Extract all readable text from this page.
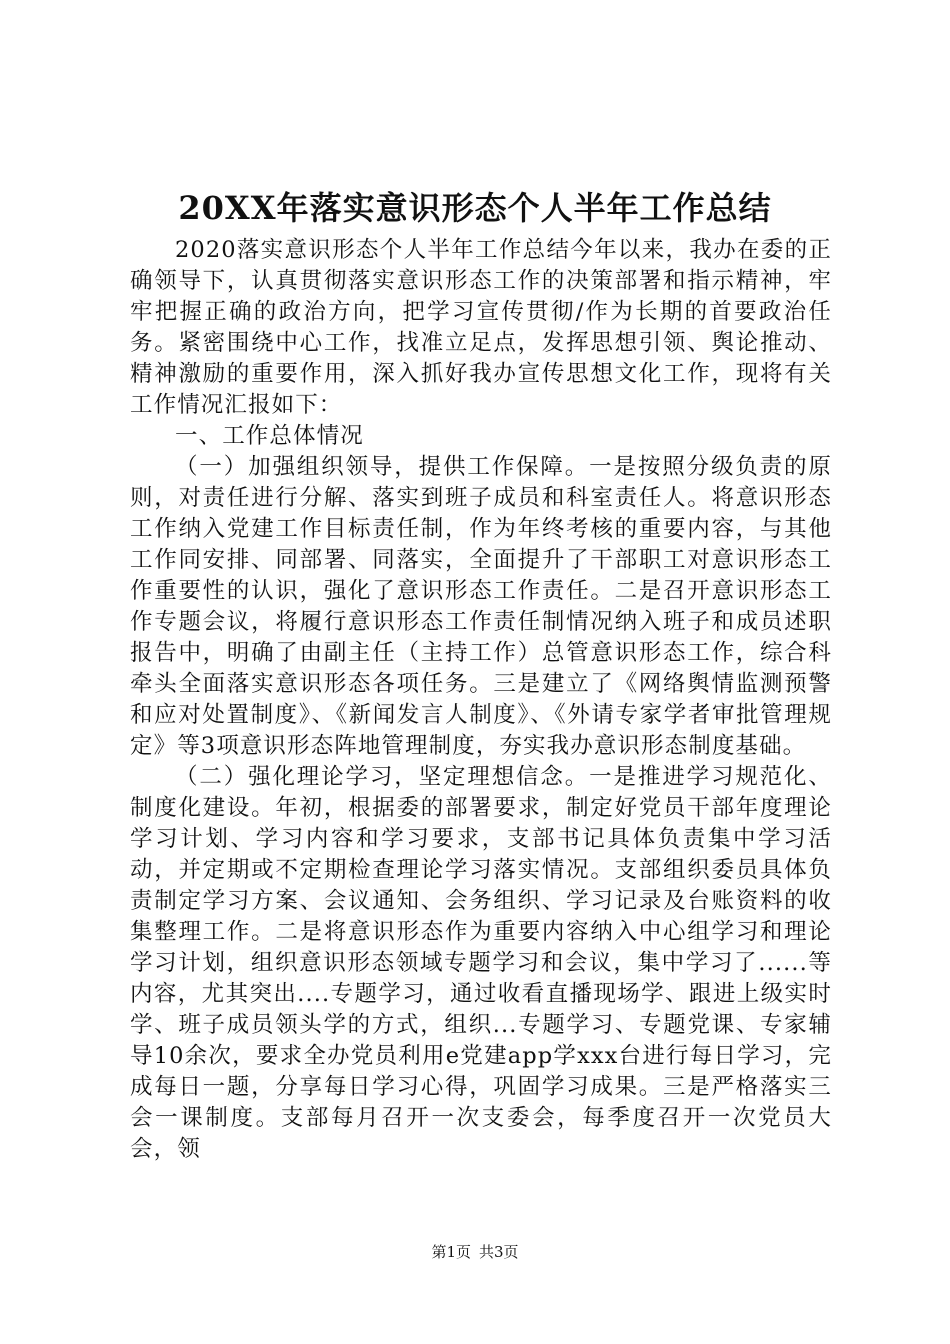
20XX年落实意识形态个人半年工作总结

2020落实意识形态个人半年工作总结今年以来，我办在委的正确领导下，认真贯彻落实意识形态工作的决策部署和指示精神，牢牢把握正确的政治方向，把学习宣传贯彻/作为长期的首要政治任务。紧密围绕中心工作，找准立足点，发挥思想引领、舆论推动、精神激励的重要作用，深入抓好我办宣传思想文化工作，现将有关工作情况汇报如下：

一、工作总体情况

（一）加强组织领导，提供工作保障。一是按照分级负责的原则，对责任进行分解、落实到班子成员和科室责任人。将意识形态工作纳入党建工作目标责任制，作为年终考核的重要内容，与其他工作同安排、同部署、同落实，全面提升了干部职工对意识形态工作重要性的认识，强化了意识形态工作责任。二是召开意识形态工作专题会议，将履行意识形态工作责任制情况纳入班子和成员述职报告中，明确了由副主任（主持工作）总管意识形态工作，综合科牵头全面落实意识形态各项任务。三是建立了《网络舆情监测预警和应对处置制度》、《新闻发言人制度》、《外请专家学者审批管理规定》等3项意识形态阵地管理制度，夯实我办意识形态制度基础。

（二）强化理论学习，坚定理想信念。一是推进学习规范化、制度化建设。年初，根据委的部署要求，制定好党员干部年度理论学习计划、学习内容和学习要求，支部书记具体负责集中学习活动，并定期或不定期检查理论学习落实情况。支部组织委员具体负责制定学习方案、会议通知、会务组织、学习记录及台账资料的收集整理工作。二是将意识形态作为重要内容纳入中心组学习和理论学习计划，组织意识形态领域专题学习和会议，集中学习了......等内容，尤其突出....专题学习，通过收看直播现场学、跟进上级实时学、班子成员领头学的方式，组织...专题学习、专题党课、专家辅导10余次，要求全办党员利用e党建app学xxx台进行每日学习，完成每日一题，分享每日学习心得，巩固学习成果。三是严格落实三会一课制度。支部每月召开一次支委会，每季度召开一次党员大会，领

第1页 共3页
